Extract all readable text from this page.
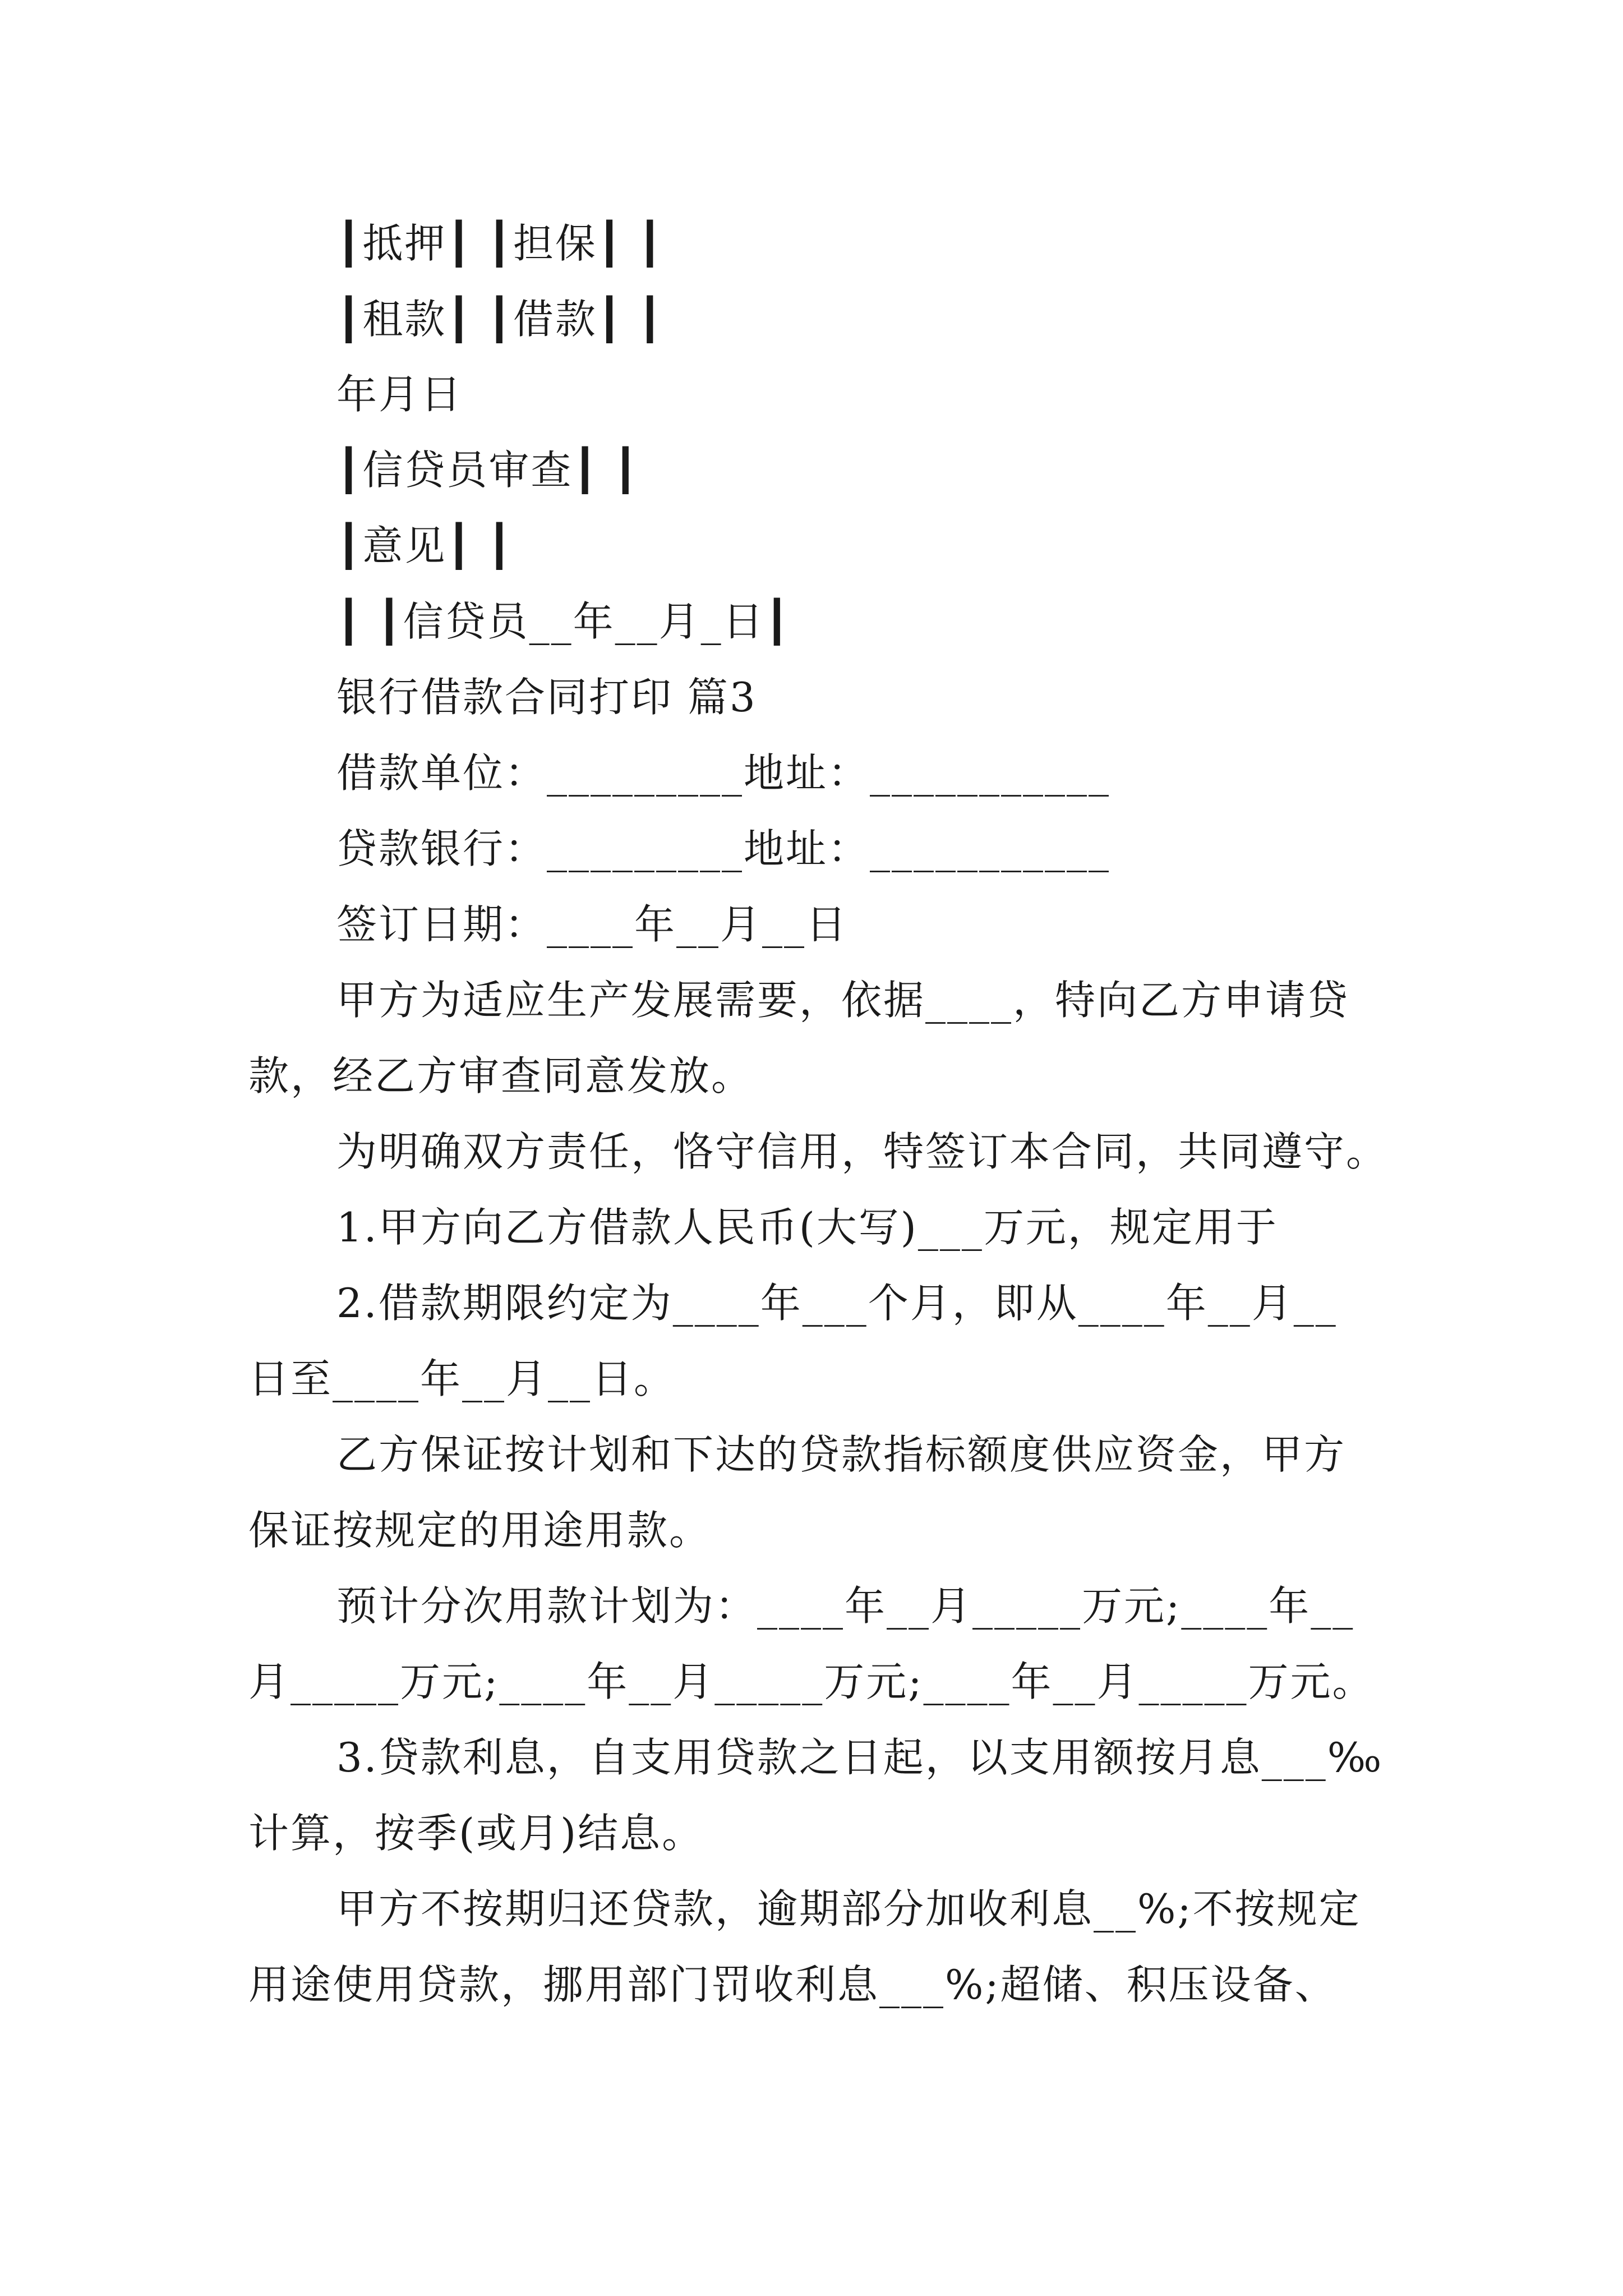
┃抵押┃ ┃担保┃ ┃
┃租款┃ ┃借款┃ ┃
年月日
┃信贷员审查┃ ┃
┃意见┃ ┃
┃ ┃信贷员__年__月_日┃
银行借款合同打印 篇3
借款单位：_________地址：___________
贷款银行：_________地址：___________
签订日期：____年__月__日
甲方为适应生产发展需要，依据____，特向乙方申请贷
款，经乙方审查同意发放。
为明确双方责任，恪守信用，特签订本合同，共同遵守。
1.甲方向乙方借款人民币(大写)___万元，规定用于
2.借款期限约定为____年___个月，即从____年__月__
日至____年__月__日。
乙方保证按计划和下达的贷款指标额度供应资金，甲方
保证按规定的用途用款。
预计分次用款计划为：____年__月_____万元;____年__
月_____万元;____年__月_____万元;____年__月_____万元。
3.贷款利息，自支用贷款之日起，以支用额按月息___‰
计算，按季(或月)结息。
甲方不按期归还贷款，逾期部分加收利息__%;不按规定
用途使用贷款，挪用部门罚收利息___%;超储、积压设备、
